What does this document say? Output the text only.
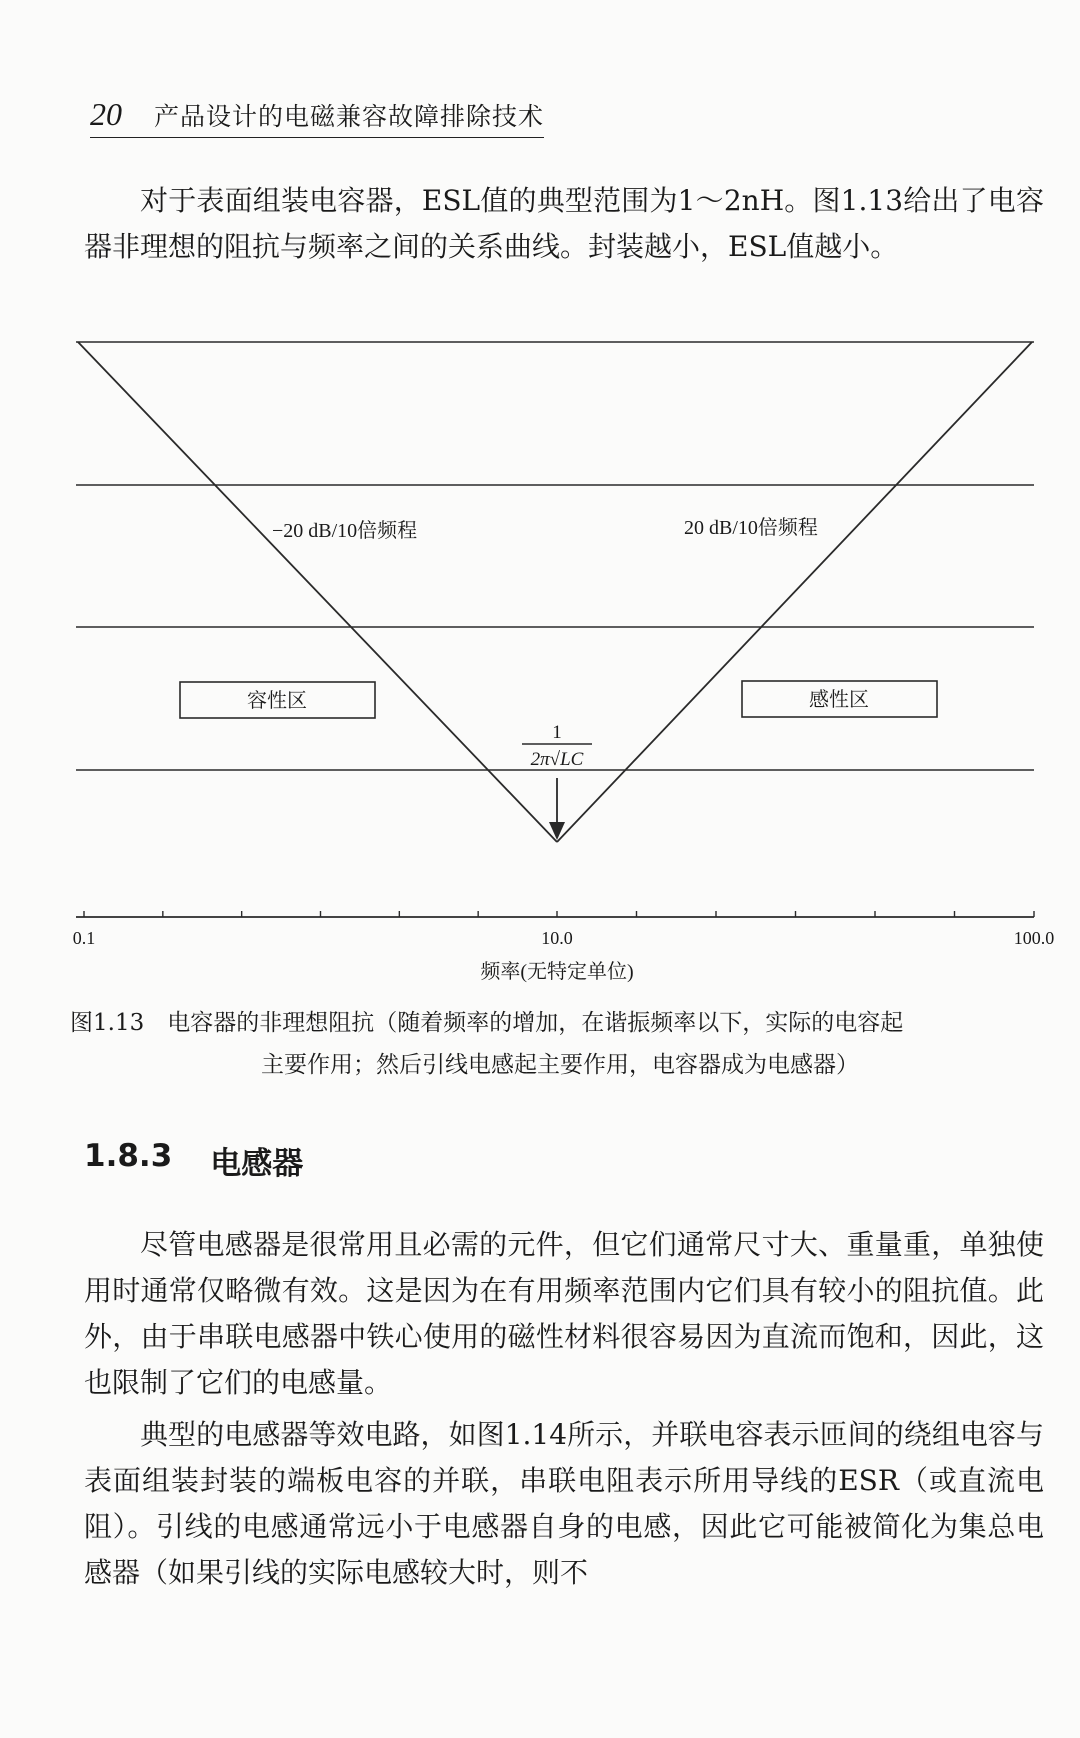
20 产品设计的电磁兼容故障排除技术

对于表面组装电容器，ESL值的典型范围为1～2nH。图1.13给出了电容器非理想的阻抗与频率之间的关系曲线。封装越小，ESL值越小。

−20 dB/10倍频程	20 dB/10倍频程
容性区	感性区
1
2π√LC
0.1	10.0	100.0
频率(无特定单位)

图1.13　电容器的非理想阻抗（随着频率的增加，在谐振频率以下，实际的电容起
主要作用；然后引线电感起主要作用，电容器成为电感器）

1.8.3 电感器

尽管电感器是很常用且必需的元件，但它们通常尺寸大、重量重，单独使用时通常仅略微有效。这是因为在有用频率范围内它们具有较小的阻抗值。此外，由于串联电感器中铁心使用的磁性材料很容易因为直流而饱和，因此，这也限制了它们的电感量。

典型的电感器等效电路，如图1.14所示，并联电容表示匝间的绕组电容与表面组装封装的端板电容的并联，串联电阻表示所用导线的ESR（或直流电阻）。引线的电感通常远小于电感器自身的电感，因此它可能被简化为集总电感器（如果引线的实际电感较大时，则不
